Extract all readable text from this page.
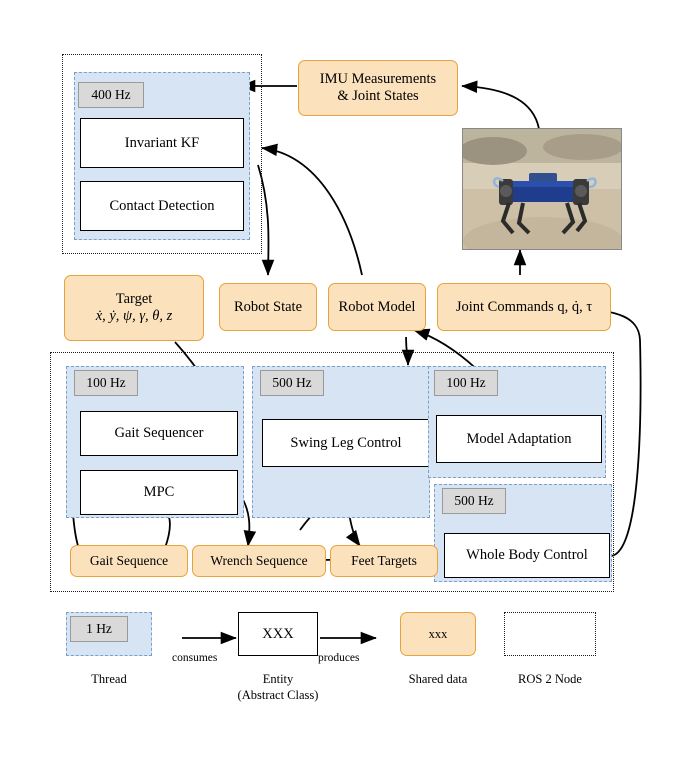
400 Hz
Invariant KF
Contact Detection
IMU Measurements
& Joint States
Robot State	Robot Model	Joint Commands q, q̇, τ
Target
ẋ, ẏ, ψ, γ, θ, z
100 Hz
Gait Sequencer
MPC
500 Hz
Swing Leg Control
100 Hz
Model Adaptation
500 Hz
Whole Body Control
Gait Sequence	Wrench Sequence	Feet Targets
1 Hz
Thread
XXX
consumes	produces
Entity
(Abstract Class)
xxx
Shared data	ROS 2 Node
